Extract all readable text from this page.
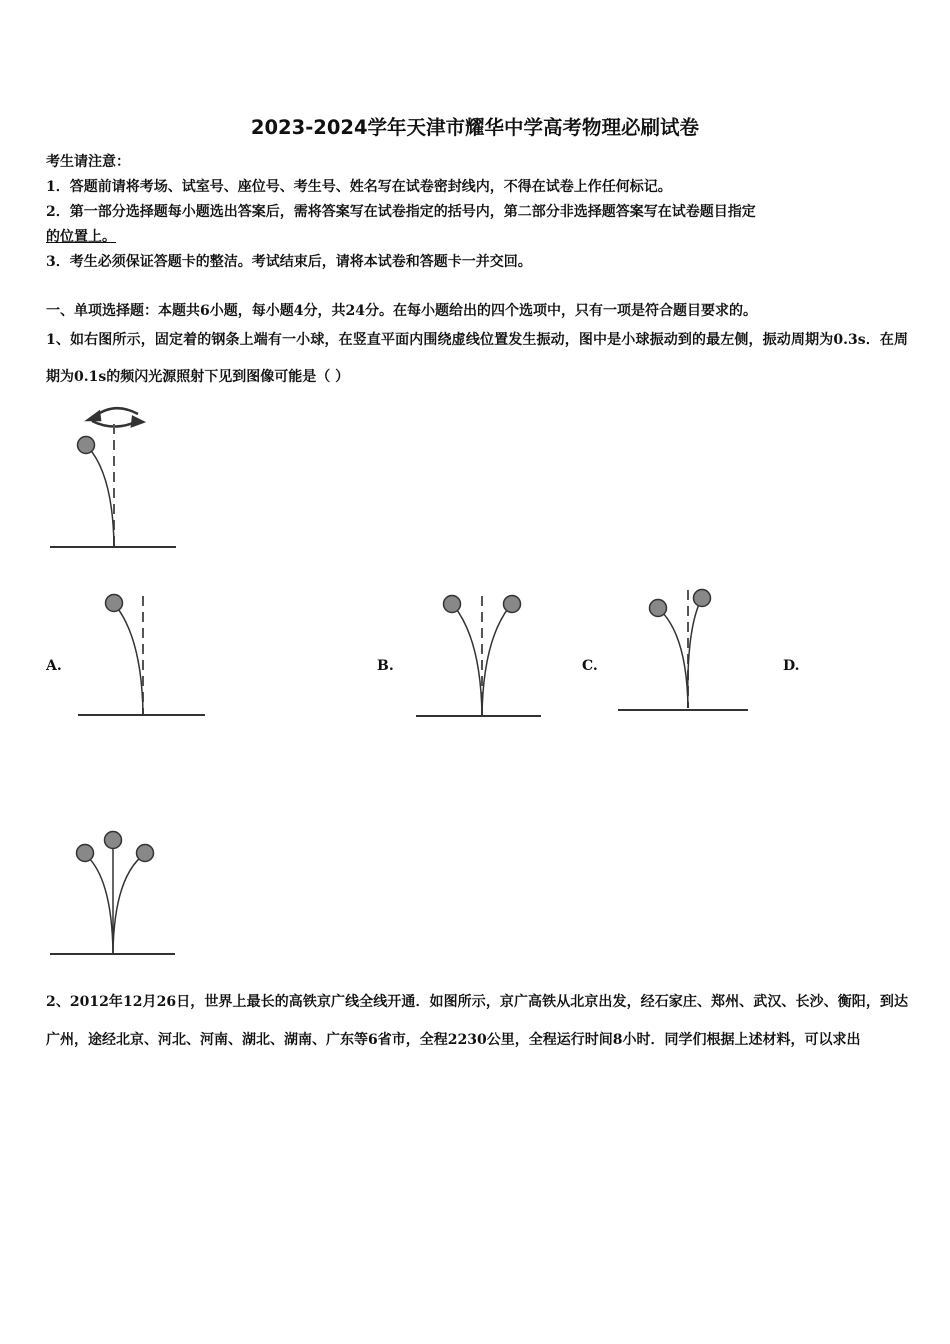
2023-2024学年天津市耀华中学高考物理必刷试卷
考生请注意：
1．答题前请将考场、试室号、座位号、考生号、姓名写在试卷密封线内，不得在试卷上作任何标记。
2．第一部分选择题每小题选出答案后，需将答案写在试卷指定的括号内，第二部分非选择题答案写在试卷题目指定
的位置上。
3．考生必须保证答题卡的整洁。考试结束后，请将本试卷和答题卡一并交回。
一、单项选择题：本题共6小题，每小题4分，共24分。在每小题给出的四个选项中，只有一项是符合题目要求的。
1、如右图所示，固定着的钢条上端有一小球，在竖直平面内围绕虚线位置发生振动，图中是小球振动到的最左侧，振动周期为0.3s．在周期为0.1s的频闪光源照射下见到图像可能是（ ）
A.	B.	C.	D.
2、2012年12月26日，世界上最长的高铁京广线全线开通．如图所示，京广高铁从北京出发，经石家庄、郑州、武汉、长沙、衡阳，到达广州，途经北京、河北、河南、湖北、湖南、广东等6省市，全程2230公里，全程运行时间8小时．同学们根据上述材料，可以求出
